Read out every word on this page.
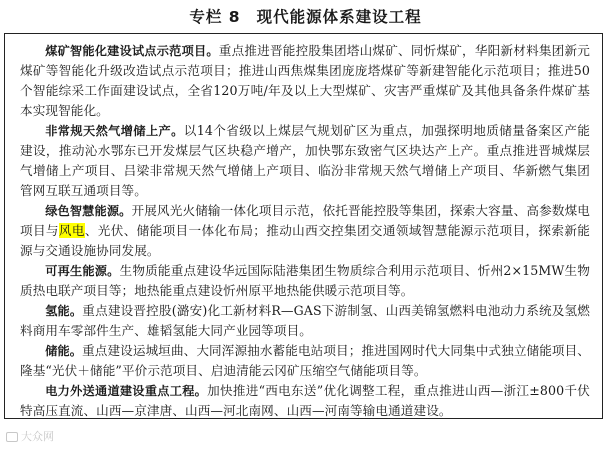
专栏 8 现代能源体系建设工程

煤矿智能化建设试点示范项目。重点推进晋能控股集团塔山煤矿、同忻煤矿，华阳新材料集团新元煤矿等智能化升级改造试点示范项目；推进山西焦煤集团庞庞塔煤矿等新建智能化示范项目；推进50个智能综采工作面建设试点，全省120万吨/年及以上大型煤矿、灾害严重煤矿及其他具备条件煤矿基本实现智能化。

非常规天然气增储上产。以14个省级以上煤层气规划矿区为重点，加强探明地质储量备案区产能建设，推动沁水鄂东已开发煤层气区块稳产增产，加快鄂东致密气区块达产上产。重点推进晋城煤层气增储上产项目、吕梁非常规天然气增储上产项目、临汾非常规天然气增储上产项目、华新燃气集团管网互联互通项目等。

绿色智慧能源。开展风光火储输一体化项目示范，依托晋能控股等集团，探索大容量、高参数煤电项目与风电、光伏、储能项目一体化布局；推动山西交控集团交通领域智慧能源示范项目，探索新能源与交通设施协同发展。

可再生能源。生物质能重点建设华远国际陆港集团生物质综合利用示范项目、忻州2×15MW生物质热电联产项目等；地热能重点建设忻州原平地热能供暖示范项目等。

氢能。重点建设晋控股(潞安)化工新材料R—GAS下游制氢、山西美锦氢燃料电池动力系统及氢燃料商用车零部件生产、雄韬氢能大同产业园等项目。

储能。重点建设运城垣曲、大同浑源抽水蓄能电站项目；推进国网时代大同集中式独立储能项目、隆基“光伏＋储能”平价示范项目、启迪清能云冈矿压缩空气储能项目等。

电力外送通道建设重点工程。加快推进“西电东送”优化调整工程，重点推进山西—浙江±800千伏特高压直流、山西—京津唐、山西—河北南网、山西—河南等输电通道建设。

大众网
